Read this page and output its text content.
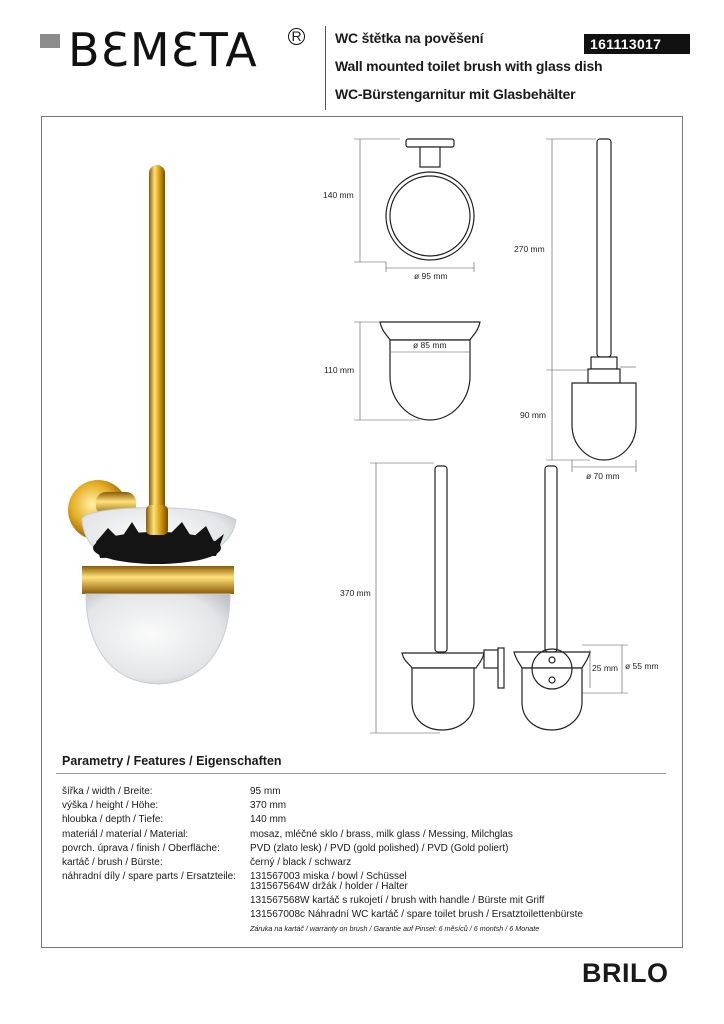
BƐMƐTA R WC štětka na pověšení
Wall mounted toilet brush with glass dish
WC-Bürstengarnitur mit Glasbehälter
161113017
140 mm
ø 95 mm
110 mm
ø 85 mm
270 mm
90 mm
ø 70 mm
370 mm
25 mm ø 55 mm
Parametry / Features / Eigenschaften
šířka / width / Breite:	95 mm
výška / height / Höhe:	370 mm
hloubka / depth / Tiefe:	140 mm
materiál / material / Material:	mosaz, mléčné sklo / brass, milk glass / Messing, Milchglas
povrch. úprava / finish / Oberfläche:	PVD (zlato lesk) / PVD (gold polished) / PVD (Gold poliert)
kartáč / brush / Bürste:	černý / black / schwarz
náhradní díly / spare parts / Ersatzteile:	131567003 miska / bowl / Schüssel
131567564W držák / holder / Halter
131567568W kartáč s rukojetí / brush with handle / Bürste mit Griff
131567008c Náhradní WC kartáč / spare toilet brush / Ersatztoilettenbürste
Záruka na kartáč / warranty on brush / Garantie auf Pinsel: 6 měsíců / 6 montsh / 6 Monate
BRILO
